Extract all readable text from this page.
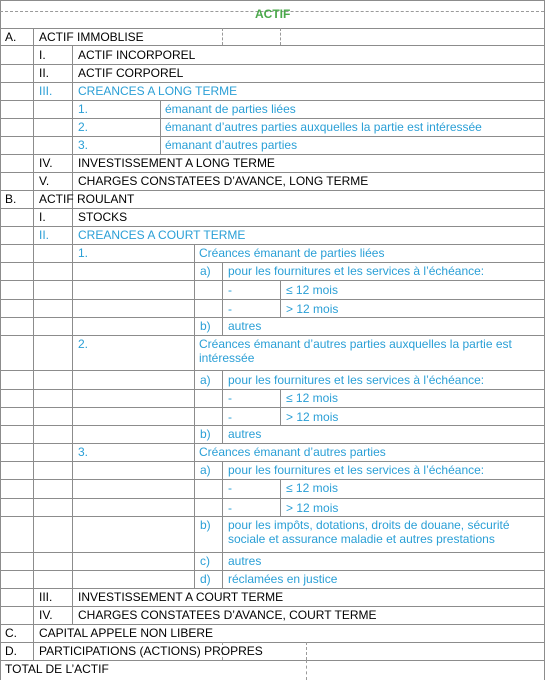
ACTIF
A. ACTIF IMMOBLISE
I.	ACTIF INCORPOREL
II. ACTIF CORPOREL
III. CREANCES A LONG TERME
1.	émanant de parties liées
2.	émanant d’autres parties auxquelles la partie est intéressée
3.	émanant d’autres parties
IV. INVESTISSEMENT A LONG TERME
V. CHARGES CONSTATEES D’AVANCE, LONG TERME
B. ACTIF ROULANT
I.	STOCKS
II. CREANCES A COURT TERME
1.	Créances émanant de parties liées
a) pour les fournitures et les services à l’échéance:
-	≤ 12 mois
-	> 12 mois
b) autres
2.	Créances émanant d’autres parties auxquelles la partie est intéressée
a) pour les fournitures et les services à l’échéance:
-	≤ 12 mois
-	> 12 mois
b) autres
3.	Créances émanant d’autres parties
a) pour les fournitures et les services à l’échéance:
-	≤ 12 mois
-	> 12 mois
b) pour les impôts, dotations, droits de douane, sécurité sociale et assurance maladie et autres prestations
c) autres
d) réclamées en justice
III. INVESTISSEMENT A COURT TERME
IV. CHARGES CONSTATEES D’AVANCE, COURT TERME
C. CAPITAL APPELE NON LIBERE
D. PARTICIPATIONS (ACTIONS) PROPRES
TOTAL DE L’ACTIF
